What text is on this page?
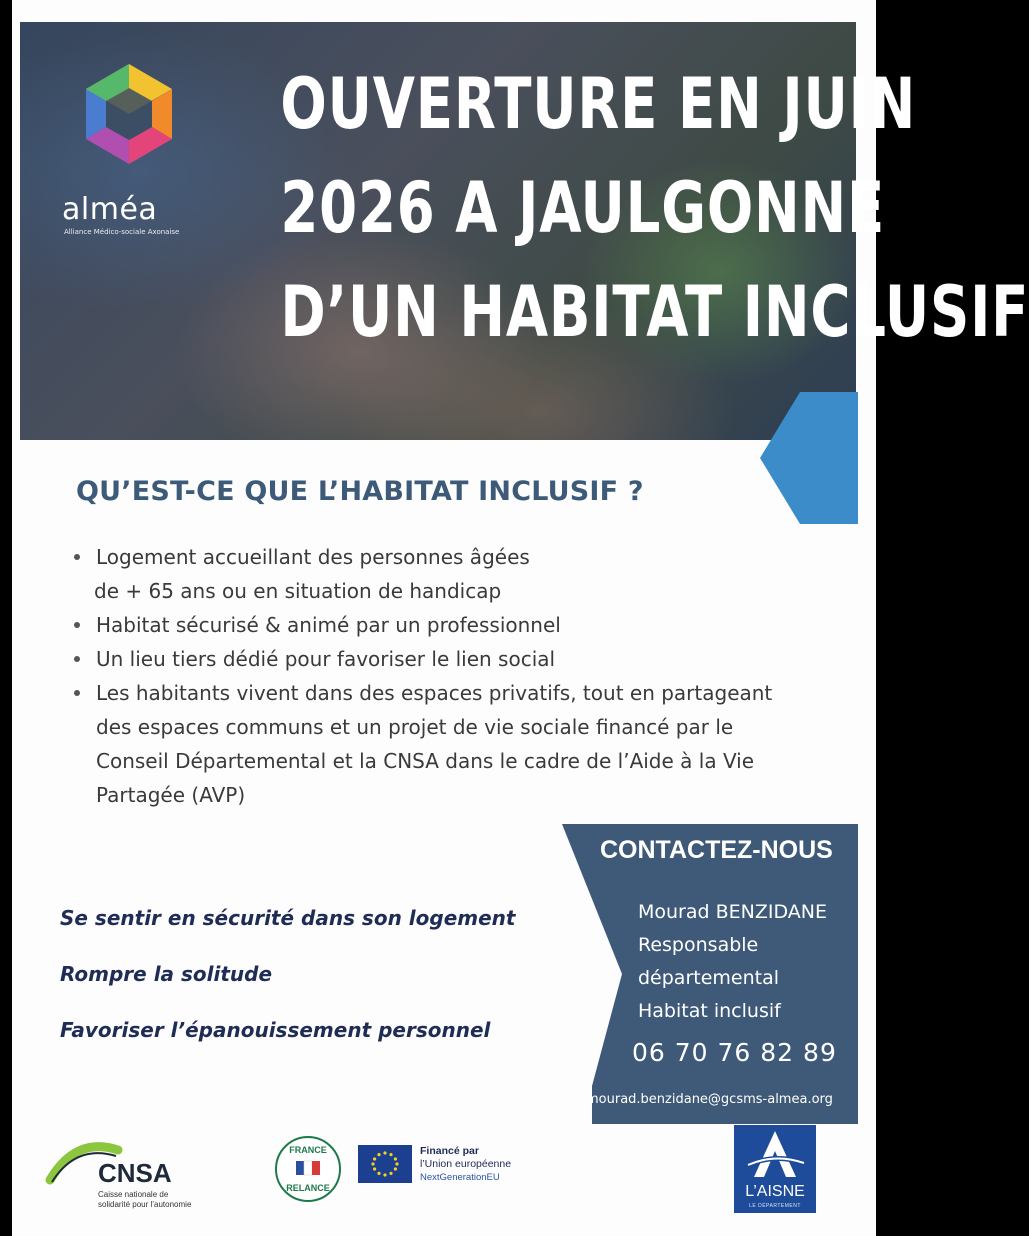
alméa
Alliance Médico-sociale Axonaise
OUVERTURE EN JUIN
2026 A JAULGONNE
D’UN HABITAT INCLUSIF
QU’EST-CE QUE L’HABITAT INCLUSIF ?
Logement accueillant des personnes âgées
de + 65 ans ou en situation de handicap
Habitat sécurisé & animé par un professionnel
Un lieu tiers dédié pour favoriser le lien social
Les habitants vivent dans des espaces privatifs, tout en partageant
des espaces communs et un projet de vie sociale financé par le
Conseil Départemental et la CNSA dans le cadre de l’Aide à la Vie
Partagée (AVP)
Se sentir en sécurité dans son logement
Rompre la solitude
Favoriser l’épanouissement personnel
CONTACTEZ-NOUS
Mourad BENZIDANE
Responsable
départemental
Habitat inclusif
06 70 76 82 89
mourad.benzidane@gcsms-almea.org
CNSA
Caisse nationale de
solidarité pour l’autonomie
FRANCE
RELANCE
Financé par
l’Union européenne
NextGenerationEU
L’AISNE
LE DÉPARTEMENT
